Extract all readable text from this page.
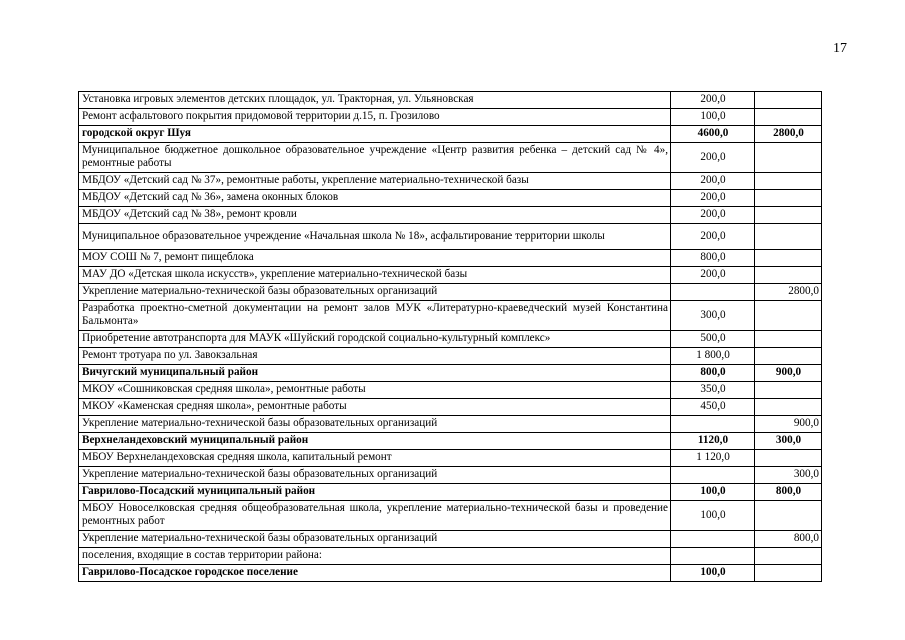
17
Установка игровых элементов детских площадок, ул. Тракторная, ул. Ульяновская	200,0	
Ремонт асфальтового покрытия придомовой территории д.15, п. Грозилово	100,0	
городской округ Шуя	4600,0	2800,0
Муниципальное бюджетное дошкольное образовательное учреждение «Центр развития ребенка – детский сад № 4», ремонтные работы	200,0	
МБДОУ «Детский сад № 37», ремонтные работы, укрепление материально-технической базы	200,0	
МБДОУ «Детский сад № 36», замена оконных блоков	200,0	
МБДОУ «Детский сад № 38», ремонт кровли	200,0	
Муниципальное образовательное учреждение «Начальная школа № 18», асфальтирование территории школы	200,0	
МОУ СОШ № 7, ремонт пищеблока	800,0	
МАУ ДО «Детская школа искусств», укрепление материально-технической базы	200,0	
Укрепление материально-технической базы образовательных организаций		2800,0
Разработка проектно-сметной документации на ремонт залов МУК «Литературно-краеведческий музей Константина Бальмонта»	300,0	
Приобретение автотранспорта для МАУК «Шуйский городской социально-культурный комплекс»	500,0	
Ремонт тротуара по ул. Завокзальная	1 800,0	
Вичугский муниципальный район	800,0	900,0
МКОУ «Сошниковская средняя школа», ремонтные работы	350,0	
МКОУ «Каменская средняя школа», ремонтные работы	450,0	
Укрепление материально-технической базы образовательных организаций		900,0
Верхнеландеховский муниципальный район	1120,0	300,0
МБОУ Верхнеландеховская средняя школа, капитальный ремонт	1 120,0	
Укрепление материально-технической базы образовательных организаций		300,0
Гаврилово-Посадский муниципальный район	100,0	800,0
МБОУ Новоселковская средняя общеобразовательная школа, укрепление материально-технической базы и проведение ремонтных работ	100,0	
Укрепление материально-технической базы образовательных организаций		800,0
поселения, входящие в состав территории района:		
Гаврилово-Посадское городское поселение	100,0	
